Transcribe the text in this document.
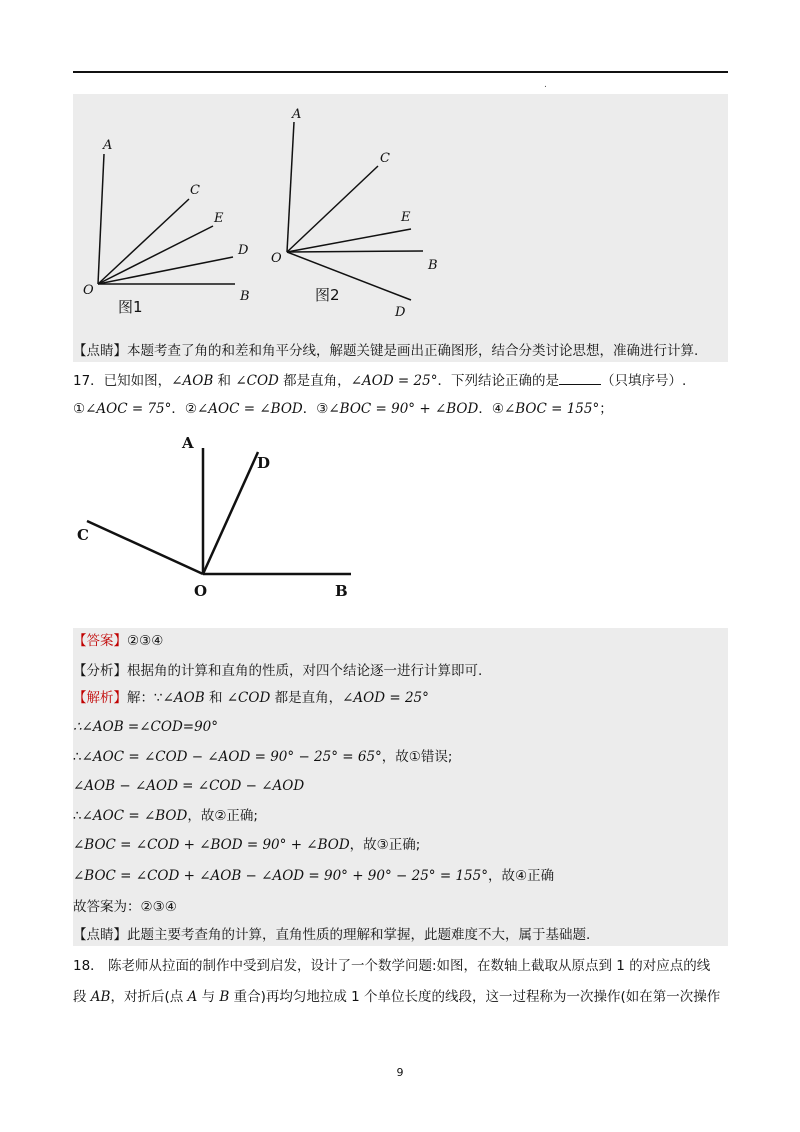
.
A
C
E
D
O	B
图1
A
C
E
B
O
D
图2
【点睛】本题考查了角的和差和角平分线，解题关键是画出正确图形，结合分类讨论思想，准确进行计算.
17．已知如图，∠AOB 和 ∠COD 都是直角，∠AOD = 25°．下列结论正确的是	（只填序号）.
①∠AOC = 75°．②∠AOC = ∠BOD．③∠BOC = 90° + ∠BOD．④∠BOC = 155°；
A
D
C
O	B
【答案】②③④
【分析】根据角的计算和直角的性质，对四个结论逐一进行计算即可.
【解析】解：∵∠AOB 和 ∠COD 都是直角，∠AOD = 25°
∴∠AOB =∠COD=90°
∴∠AOC = ∠COD − ∠AOD = 90° − 25° = 65°，故①错误;
∠AOB − ∠AOD = ∠COD − ∠AOD
∴∠AOC = ∠BOD，故②正确;
∠BOC = ∠COD + ∠BOD = 90° + ∠BOD，故③正确;
∠BOC = ∠COD + ∠AOB − ∠AOD = 90° + 90° − 25° = 155°，故④正确
故答案为：②③④
【点睛】此题主要考查角的计算，直角性质的理解和掌握，此题难度不大，属于基础题.
18． 陈老师从拉面的制作中受到启发，设计了一个数学问题:如图，在数轴上截取从原点到 1 的对应点的线
段 AB，对折后(点 A 与 B 重合)再均匀地拉成 1 个单位长度的线段，这一过程称为一次操作(如在第一次操作
9
